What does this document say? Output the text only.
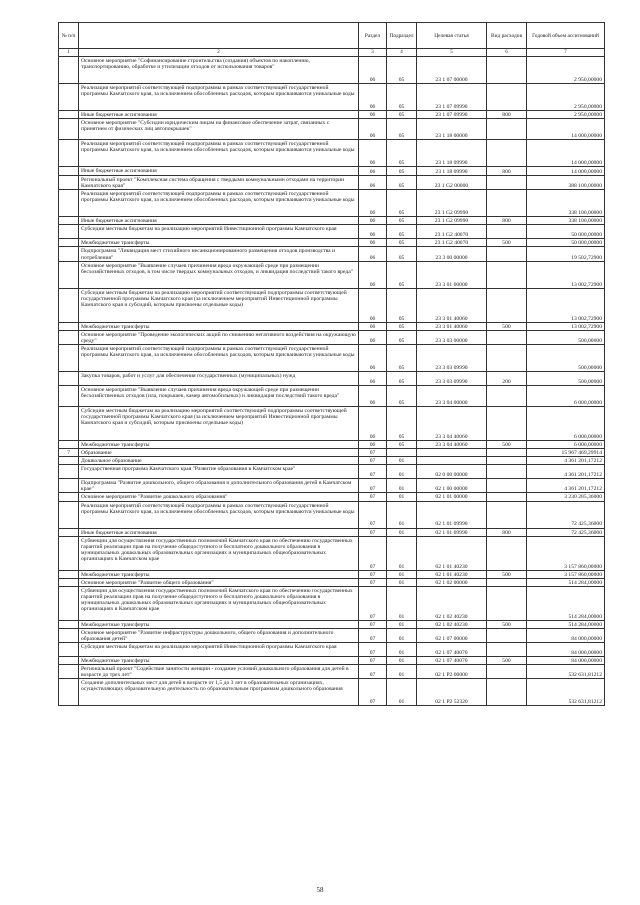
№ п/п		Раздел	Подраздел	Целевая статья	Вид расходов	Годовой объем ассигнований
1	2	3	4	5	6	7
	Основное мероприятие "Софинансирование строительства (создания) объектов по накоплению, транспортированию, обработке и утилизации отходов от использования товаров"	06	05	23 1 07 00000		2 950,00000
	Реализация мероприятий соответствующей подпрограммы в рамках соответствующей государственной программы Камчатского края, за исключением обособленных расходов, которым присваиваются уникальные коды	06	05	23 1 07 09990		2 950,00000
	Иные бюджетные ассигнования	06	05	23 1 07 09990	800	2 950,00000
	Основное мероприятие "Субсидии юридическим лицам на финансовое обеспечение затрат, связанных с принятием от физических лиц автопокрышек"	06	05	23 1 18 00000		14 000,00000
	Реализация мероприятий соответствующей подпрограммы в рамках соответствующей государственной программы Камчатского края, за исключением обособленных расходов, которым присваиваются уникальные коды	06	05	23 1 18 09990		14 000,00000
	Иные бюджетные ассигнования	06	05	23 1 18 09990	800	14 000,00000
	Региональный проект "Комплексная система обращения с твердыми коммунальными отходами на территории Камчатского края"	06	05	23 1 G2 00000		388 100,00000
	Реализация мероприятий соответствующей подпрограммы в рамках соответствующей государственной программы Камчатского края, за исключением обособленных расходов, которым присваиваются уникальные коды	06	05	23 1 G2 09990		338 100,00000
	Иные бюджетные ассигнования	06	05	23 1 G2 09990	800	338 100,00000
	Субсидии местным бюджетам на реализацию мероприятий Инвестиционной программы Камчатского края	06	05	23 1 G2 40070		50 000,00000
	Межбюджетные трансферты	06	05	23 1 G2 40070	500	50 000,00000
	Подпрограмма "Ликвидация мест стихийного несанкционированного размещения отходов производства и потребления"	06	05	23 3 00 00000		19 502,72900
	Основное мероприятие "Выявление случаев причинения вреда окружающей среде при размещении бесхозяйственных отходов, в том числе твердых коммунальных отходов, и ликвидация последствий такого вреда"	06	05	23 3 01 00000		13 002,72900
	Субсидии местным бюджетам на реализацию мероприятий соответствующей подпрограммы соответствующей государственной программы Камчатского края (за исключением мероприятий Инвестиционной программы Камчатского края и субсидий, которым присвоены отдельные коды)	06	05	23 3 01 40060		13 002,72900
	Межбюджетные трансферты	06	05	23 3 01 40060	500	13 002,72900
	Основное мероприятие "Проведение экологических акций по снижению негативного воздействия на окружающую среду"	06	05	23 3 03 00000		500,00000
	Реализация мероприятий соответствующей подпрограммы в рамках соответствующей государственной программы Камчатского края, за исключением обособленных расходов, которым присваиваются уникальные коды	06	05	23 3 03 09990		500,00000
	Закупка товаров, работ и услуг для обеспечения государственных (муниципальных) нужд	06	05	23 3 03 09990	200	500,00000
	Основное мероприятие "Выявление случаев причинения вреда окружающей среде при размещении бесхозяйственных отходов (ила, покрышек, камер автомобильных) и ликвидация последствий такого вреда"	06	05	23 3 04 00000		6 000,00000
	Субсидии местным бюджетам на реализацию мероприятий соответствующей подпрограммы соответствующей государственной программы Камчатского края (за исключением мероприятий Инвестиционной программы Камчатского края и субсидий, которым присвоены отдельные коды)	06	05	23 3 04 40060		6 000,00000
	Межбюджетные трансферты	06	05	23 3 04 40060	500	6 000,00000
7	Образование	07				15 967 469,29914
	Дошкольное образование	07	01			4 361 201,17212
	Государственная программа Камчатского края "Развитие образования в Камчатском крае"	07	01	02 0 00 00000		4 361 201,17212
	Подпрограмма "Развитие дошкольного, общего образования и дополнительного образования детей в Камчатском крае"	07	01	02 1 00 00000		4 361 201,17212
	Основное мероприятие "Развитие дошкольного образования"	07	01	02 1 01 00000		3 230 285,36000
	Реализация мероприятий соответствующей подпрограммы в рамках соответствующей государственной программы Камчатского края, за исключением обособленных расходов, которым присваиваются уникальные коды	07	01	02 1 01 09990		72 425,36000
	Иные бюджетные ассигнования	07	01	02 1 01 09990	800	72 425,36000
	Субвенции для осуществления государственных полномочий Камчатского края по обеспечению государственных гарантий реализации прав на получение общедоступного и бесплатного дошкольного образования в муниципальных дошкольных образовательных организациях и муниципальных общеобразовательных организациях в Камчатском крае	07	01	02 1 01 40230		3 157 860,00000
	Межбюджетные трансферты	07	01	02 1 01 40230	500	3 157 860,00000
	Основное мероприятие "Развитие общего образования"	07	01	02 1 02 00000		514 284,00000
	Субвенции для осуществления государственных полномочий Камчатского края по обеспечению государственных гарантий реализации прав на получение общедоступного и бесплатного дошкольного образования в муниципальных дошкольных образовательных организациях и муниципальных общеобразовательных организациях в Камчатском крае	07	01	02 1 02 40230		514 284,00000
	Межбюджетные трансферты	07	01	02 1 02 40230	500	514 284,00000
	Основное мероприятие "Развитие инфраструктуры дошкольного, общего образования и дополнительного образования детей"	07	01	02 1 07 00000		84 000,00000
	Субсидии местным бюджетам на реализацию мероприятий Инвестиционной программы Камчатского края	07	01	02 1 07 40070		84 000,00000
	Межбюджетные трансферты	07	01	02 1 07 40070	500	84 000,00000
	Региональный проект "Содействие занятости женщин - создание условий дошкольного образования для детей в возрасте до трех лет"	07	01	02 1 P2 00000		532 631,81212
	Создание дополнительных мест для детей в возрасте от 1,5 до 3 лет в образовательных организациях, осуществляющих образовательную деятельность по образовательным программам дошкольного образования	07	01	02 1 P2 52320		532 631,81212
58
